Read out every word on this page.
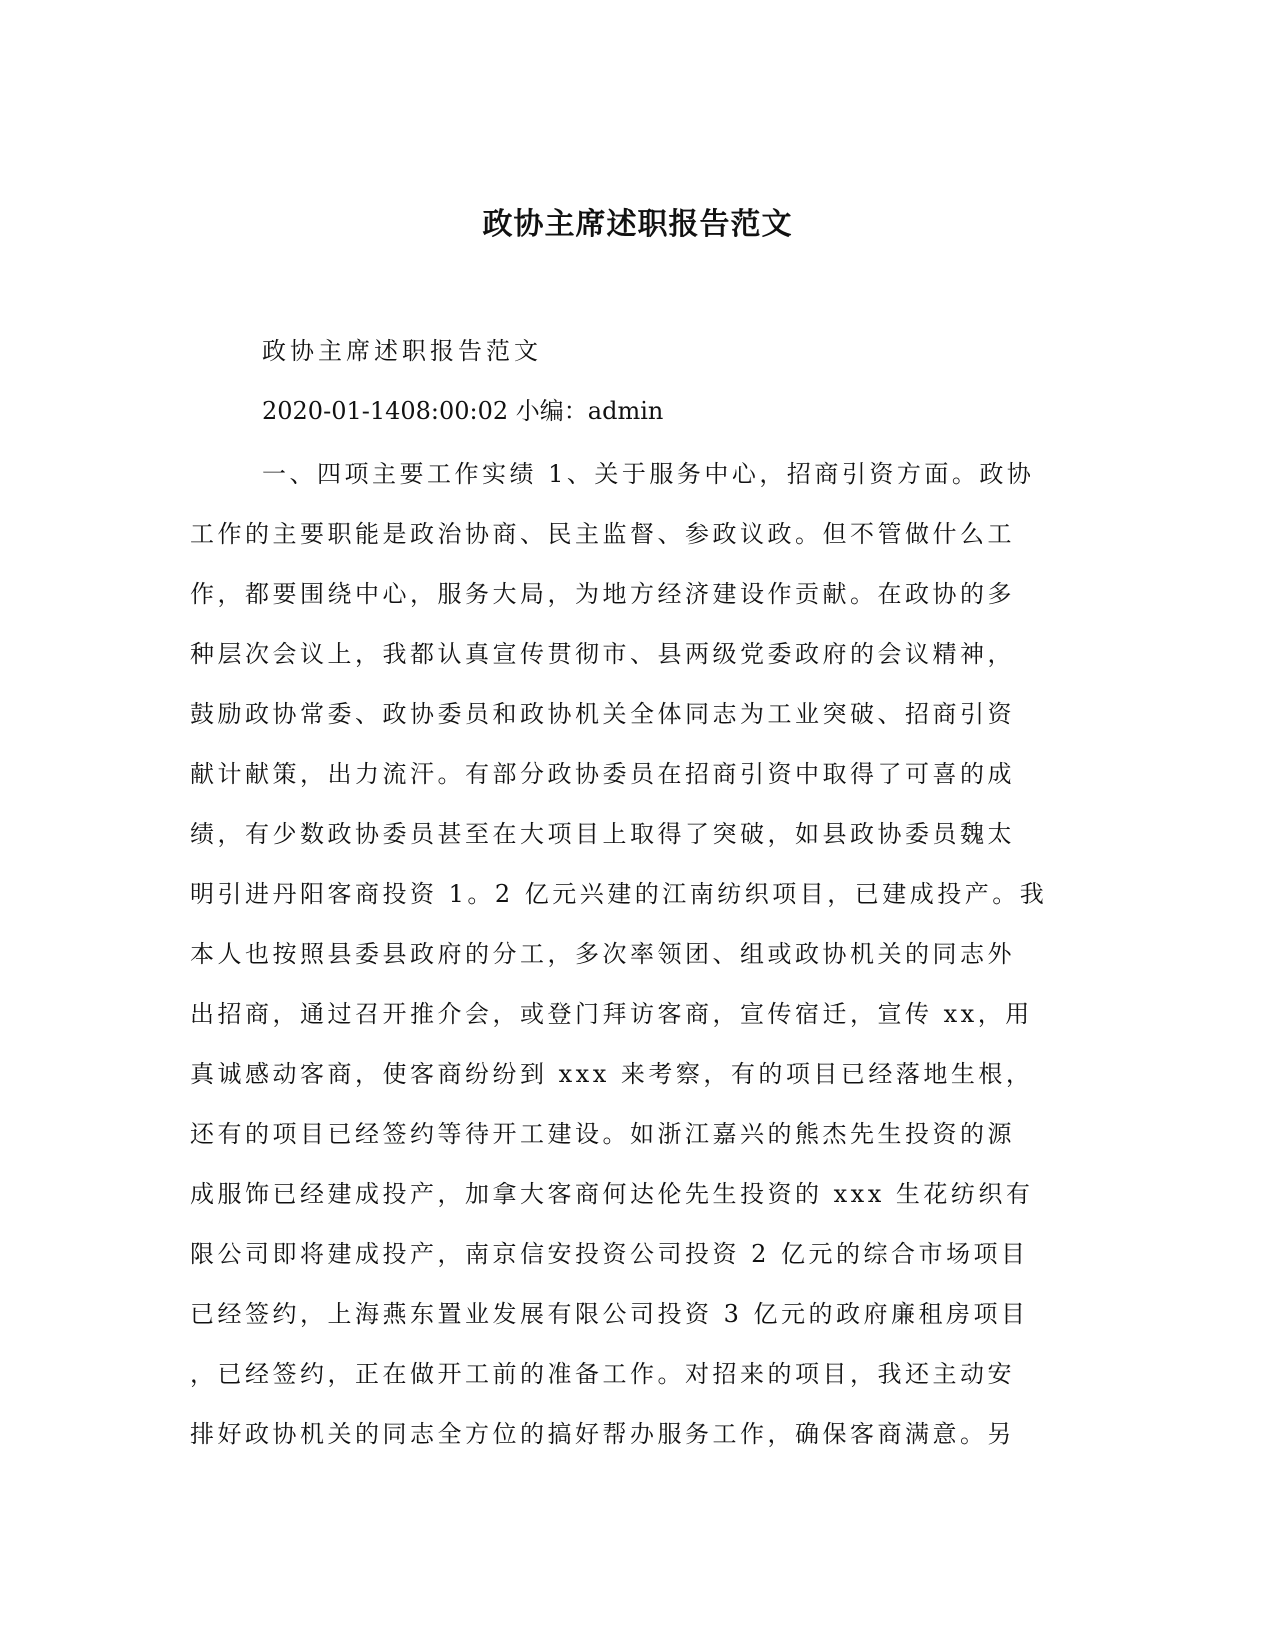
政协主席述职报告范文
政协主席述职报告范文
2020-01-1408:00:02 小编：admin
一、四项主要工作实绩 1、关于服务中心，招商引资方面。政协
工作的主要职能是政治协商、民主监督、参政议政。但不管做什么工
作，都要围绕中心，服务大局，为地方经济建设作贡献。在政协的多
种层次会议上，我都认真宣传贯彻市、县两级党委政府的会议精神，
鼓励政协常委、政协委员和政协机关全体同志为工业突破、招商引资
献计献策，出力流汗。有部分政协委员在招商引资中取得了可喜的成
绩，有少数政协委员甚至在大项目上取得了突破，如县政协委员魏太
明引进丹阳客商投资 1。2 亿元兴建的江南纺织项目，已建成投产。我
本人也按照县委县政府的分工，多次率领团、组或政协机关的同志外
出招商，通过召开推介会，或登门拜访客商，宣传宿迁，宣传 xx，用
真诚感动客商，使客商纷纷到 xxx 来考察，有的项目已经落地生根，
还有的项目已经签约等待开工建设。如浙江嘉兴的熊杰先生投资的源
成服饰已经建成投产，加拿大客商何达伦先生投资的 xxx 生花纺织有
限公司即将建成投产，南京信安投资公司投资 2 亿元的综合市场项目
已经签约，上海燕东置业发展有限公司投资 3 亿元的政府廉租房项目
，已经签约，正在做开工前的准备工作。对招来的项目，我还主动安
排好政协机关的同志全方位的搞好帮办服务工作，确保客商满意。另
